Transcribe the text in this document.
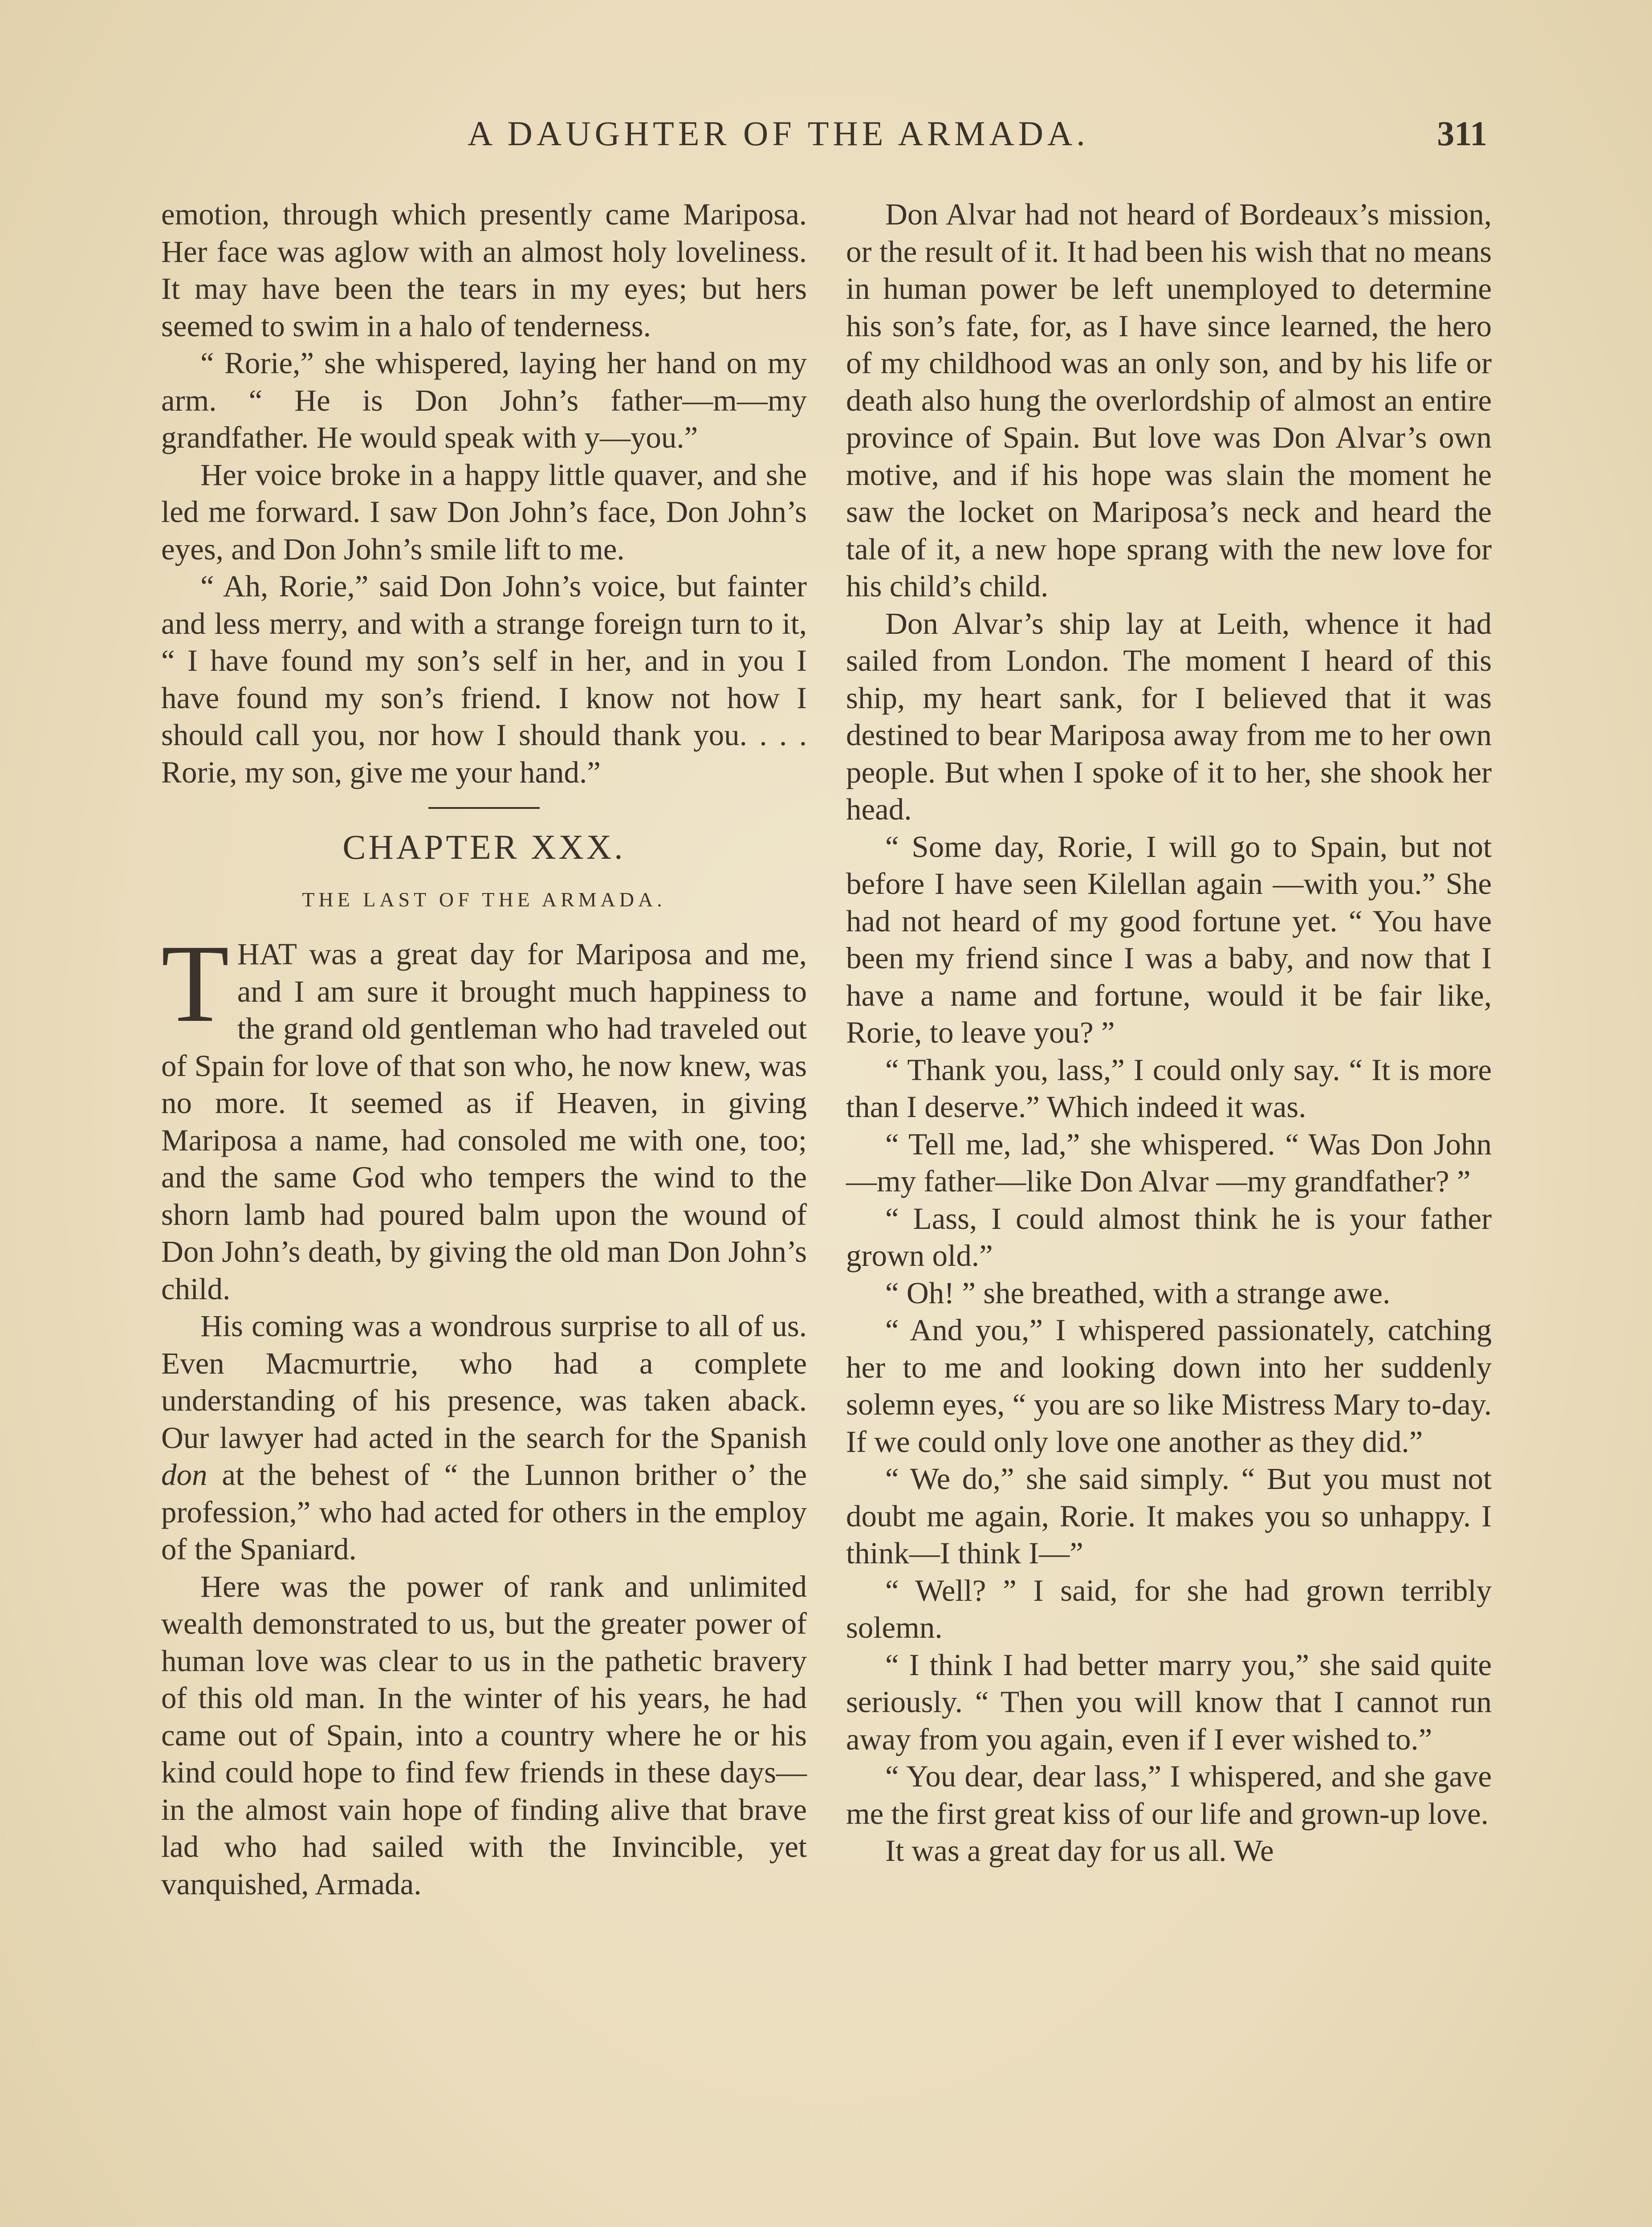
A DAUGHTER OF THE ARMADA.	311

emotion, through which presently came Mariposa. Her face was aglow with an almost holy loveliness. It may have been the tears in my eyes; but hers seemed to swim in a halo of tenderness.

“ Rorie,” she whispered, laying her hand on my arm. “ He is Don John’s father—m—my grandfather. He would speak with y—you.”

Her voice broke in a happy little quaver, and she led me forward. I saw Don John’s face, Don John’s eyes, and Don John’s smile lift to me.

“ Ah, Rorie,” said Don John’s voice, but fainter and less merry, and with a strange foreign turn to it, “ I have found my son’s self in her, and in you I have found my son’s friend. I know not how I should call you, nor how I should thank you. . . . Rorie, my son, give me your hand.”

CHAPTER XXX.
THE LAST OF THE ARMADA.

THAT was a great day for Mariposa and me, and I am sure it brought much happiness to the grand old gentleman who had traveled out of Spain for love of that son who, he now knew, was no more. It seemed as if Heaven, in giving Mariposa a name, had consoled me with one, too; and the same God who tempers the wind to the shorn lamb had poured balm upon the wound of Don John’s death, by giving the old man Don John’s child.

His coming was a wondrous surprise to all of us. Even Macmurtrie, who had a complete understanding of his presence, was taken aback. Our lawyer had acted in the search for the Spanish don at the behest of “ the Lunnon brither o’ the profession,” who had acted for others in the employ of the Spaniard.

Here was the power of rank and unlimited wealth demonstrated to us, but the greater power of human love was clear to us in the pathetic bravery of this old man. In the winter of his years, he had came out of Spain, into a country where he or his kind could hope to find few friends in these days—in the almost vain hope of finding alive that brave lad who had sailed with the Invincible, yet vanquished, Armada.

Don Alvar had not heard of Bordeaux’s mission, or the result of it. It had been his wish that no means in human power be left unemployed to determine his son’s fate, for, as I have since learned, the hero of my childhood was an only son, and by his life or death also hung the overlordship of almost an entire province of Spain. But love was Don Alvar’s own motive, and if his hope was slain the moment he saw the locket on Mariposa’s neck and heard the tale of it, a new hope sprang with the new love for his child’s child.

Don Alvar’s ship lay at Leith, whence it had sailed from London. The moment I heard of this ship, my heart sank, for I believed that it was destined to bear Mariposa away from me to her own people. But when I spoke of it to her, she shook her head.

“ Some day, Rorie, I will go to Spain, but not before I have seen Kilellan again —with you.” She had not heard of my good fortune yet. “ You have been my friend since I was a baby, and now that I have a name and fortune, would it be fair like, Rorie, to leave you? ”

“ Thank you, lass,” I could only say. “ It is more than I deserve.” Which indeed it was.

“ Tell me, lad,” she whispered. “ Was Don John—my father—like Don Alvar —my grandfather? ”

“ Lass, I could almost think he is your father grown old.”

“ Oh! ” she breathed, with a strange awe.

“ And you,” I whispered passionately, catching her to me and looking down into her suddenly solemn eyes, “ you are so like Mistress Mary to-day. If we could only love one another as they did.”

“ We do,” she said simply. “ But you must not doubt me again, Rorie. It makes you so unhappy. I think—I think I—”

“ Well? ” I said, for she had grown terribly solemn.

“ I think I had better marry you,” she said quite seriously. “ Then you will know that I cannot run away from you again, even if I ever wished to.”

“ You dear, dear lass,” I whispered, and she gave me the first great kiss of our life and grown-up love.

It was a great day for us all. We
